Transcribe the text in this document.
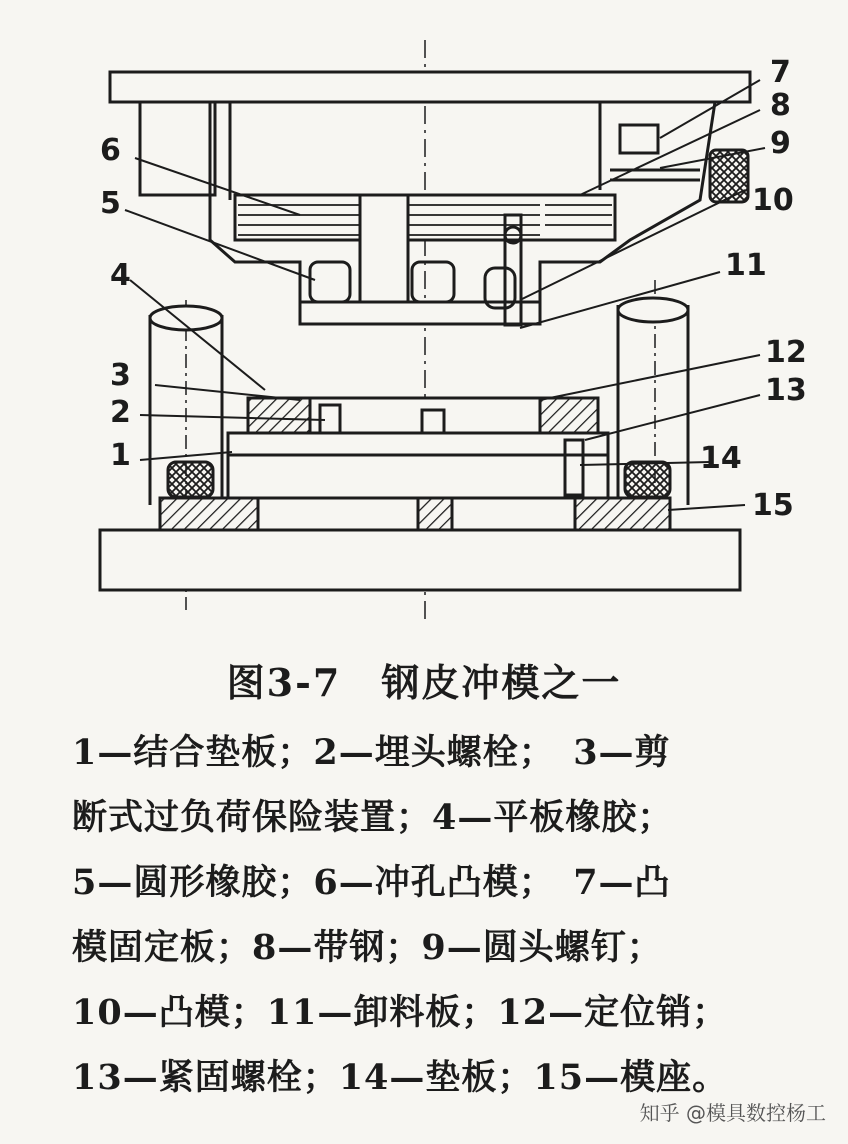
7
8
6	9
5	10
4	11
3
12
2
13
1	14
15
图3-7　钢皮冲模之一
1—结合垫板；2—埋头螺栓；　3—剪
断式过负荷保险装置；4—平板橡胶；
5—圆形橡胶；6—冲孔凸模；　7—凸
模固定板；8—带钢；9—圆头螺钉；
10—凸模；11—卸料板；12—定位销；
13—紧固螺栓；14—垫板；15—模座。
知乎 @模具数控杨工
